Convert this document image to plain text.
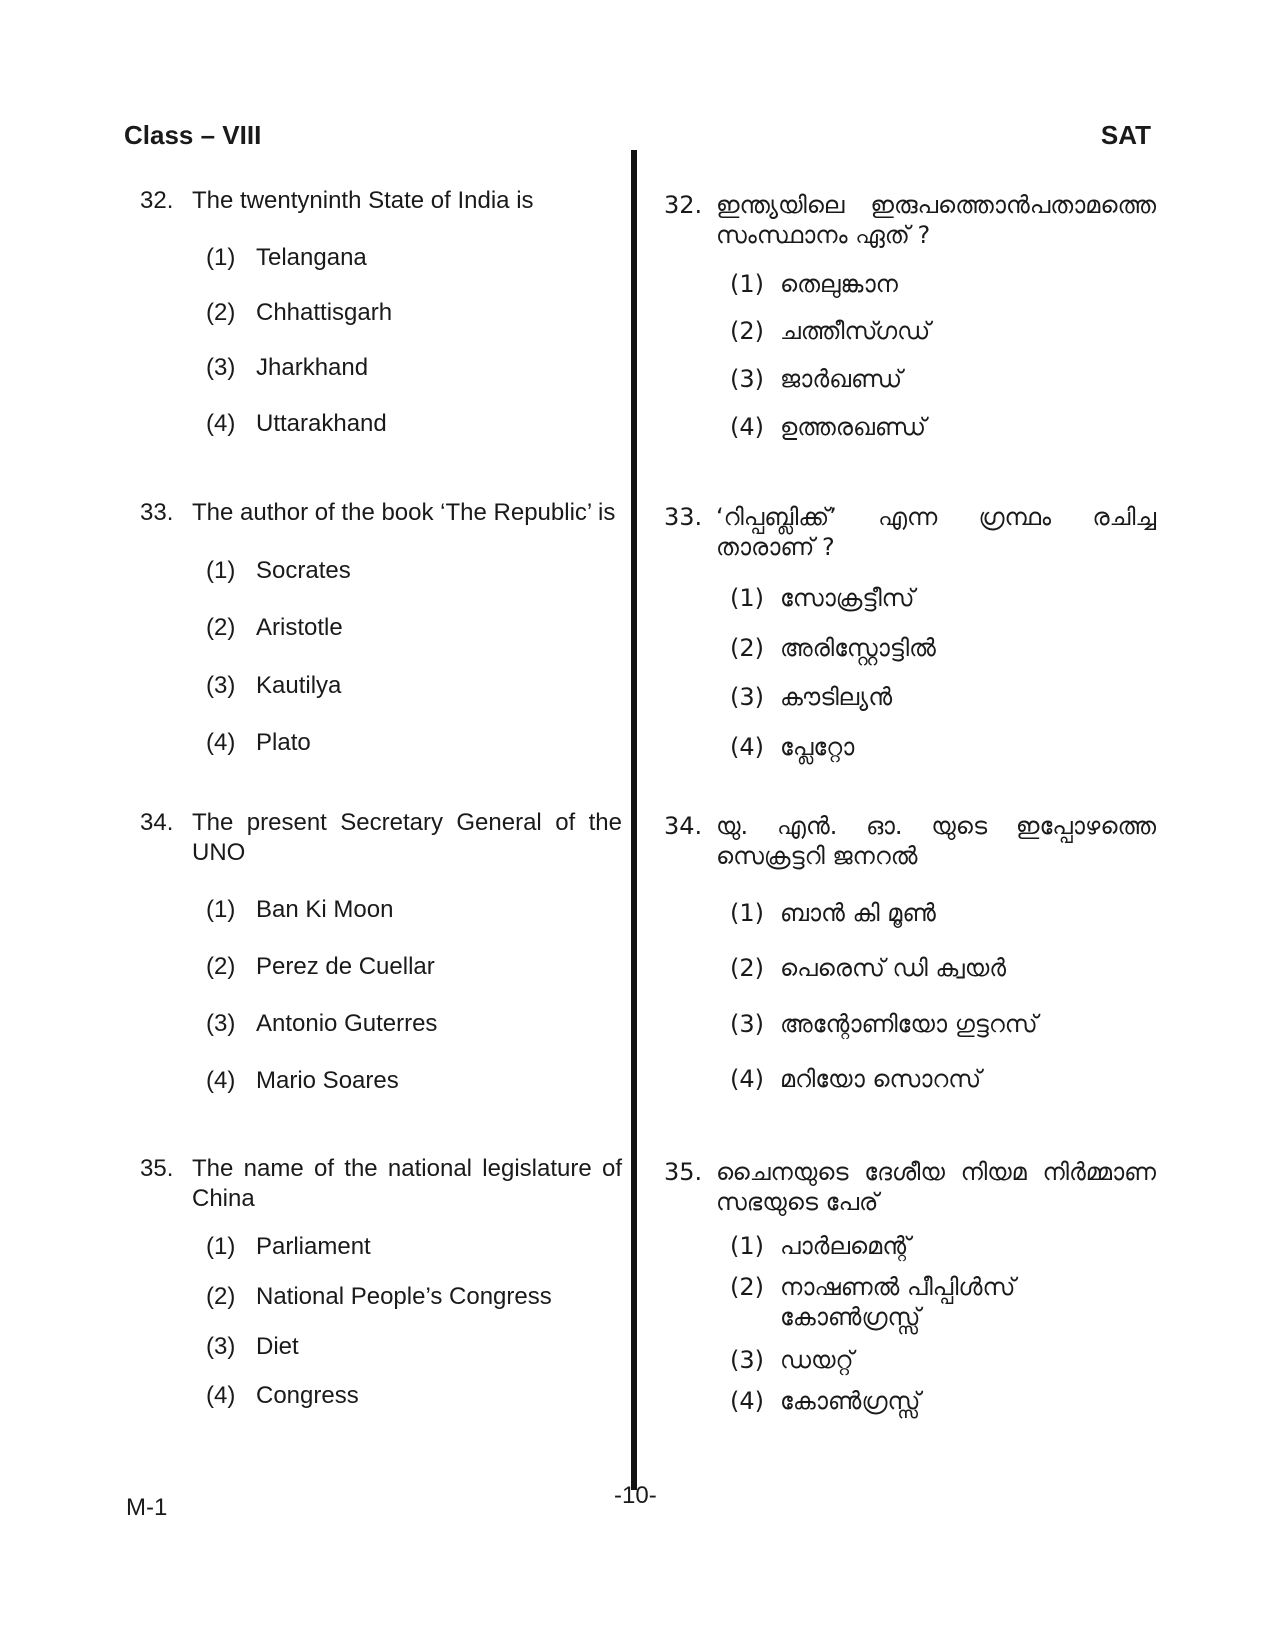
Class – VIII	SAT
32. The twentyninth State of India is
(1) Telangana
(2) Chhattisgarh
(3) Jharkhand
(4) Uttarakhand
33. The author of the book ‘The Republic’ is
(1) Socrates
(2) Aristotle
(3) Kautilya
(4) Plato
34. The present Secretary General of the UNO
(1) Ban Ki Moon
(2) Perez de Cuellar
(3) Antonio Guterres
(4) Mario Soares
35. The name of the national legislature of China
(1) Parliament
(2) National People’s Congress
(3) Diet
(4) Congress
32. ഇന്ത്യയിലെ ഇരുപത്തൊൻപതാമത്തെ സംസ്ഥാനം ഏത് ?
(1) തെലുങ്കാന
(2) ചത്തീസ്ഗഡ്
(3) ജാർഖണ്ഡ്
(4) ഉത്തരഖണ്ഡ്
33. ‘റിപ്പബ്ലിക്ക്’ എന്ന ഗ്രന്ഥം രചിച്ച താരാണ് ?
(1) സോക്രട്ടീസ്
(2) അരിസ്റ്റോട്ടിൽ
(3) കൗടില്യൻ
(4) പ്ലേറ്റോ
34. യു. എൻ. ഓ. യുടെ ഇപ്പോഴത്തെ സെക്രട്ടറി ജനറൽ
(1) ബാൻ കി മൂൺ
(2) പെരെസ് ഡി ക്വയർ
(3) അന്റോണിയോ ഗുട്ടറസ്
(4) മറിയോ സൊറസ്
35. ചൈനയുടെ ദേശീയ നിയമ നിർമ്മാണ സഭയുടെ പേര്
(1) പാർലമെന്റ്
(2) നാഷണൽ പീപ്പിൾസ് കോൺഗ്രസ്സ്
(3) ഡയറ്റ്
(4) കോൺഗ്രസ്സ്
M-1	-10-
